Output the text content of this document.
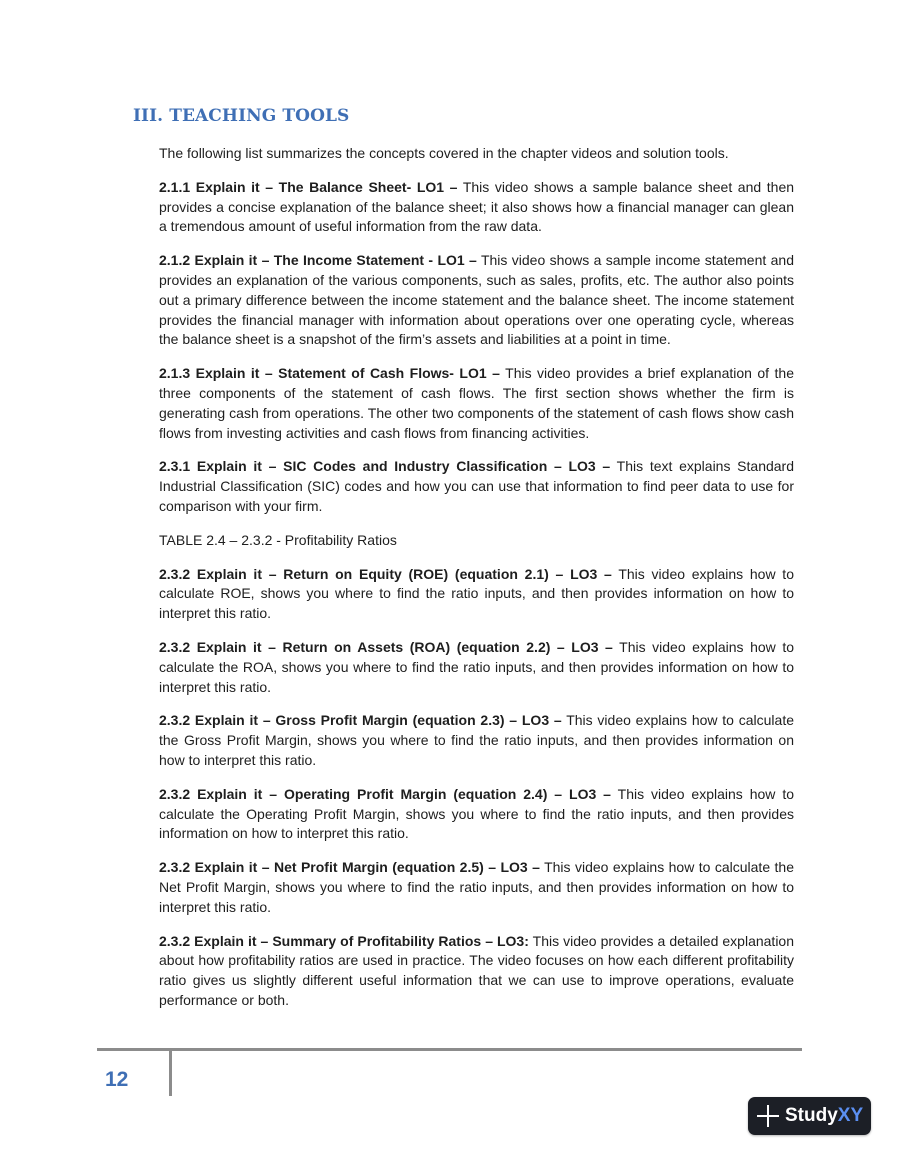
III. TEACHING TOOLS

The following list summarizes the concepts covered in the chapter videos and solution tools.

2.1.1 Explain it – The Balance Sheet- LO1 – This video shows a sample balance sheet and then provides a concise explanation of the balance sheet; it also shows how a financial manager can glean a tremendous amount of useful information from the raw data.

2.1.2 Explain it – The Income Statement - LO1 – This video shows a sample income statement and provides an explanation of the various components, such as sales, profits, etc. The author also points out a primary difference between the income statement and the balance sheet. The income statement provides the financial manager with information about operations over one operating cycle, whereas the balance sheet is a snapshot of the firm’s assets and liabilities at a point in time.

2.1.3 Explain it – Statement of Cash Flows- LO1 – This video provides a brief explanation of the three components of the statement of cash flows. The first section shows whether the firm is generating cash from operations. The other two components of the statement of cash flows show cash flows from investing activities and cash flows from financing activities.

2.3.1 Explain it – SIC Codes and Industry Classification – LO3 – This text explains Standard Industrial Classification (SIC) codes and how you can use that information to find peer data to use for comparison with your firm.

TABLE 2.4 – 2.3.2 - Profitability Ratios

2.3.2 Explain it – Return on Equity (ROE) (equation 2.1) – LO3 – This video explains how to calculate ROE, shows you where to find the ratio inputs, and then provides information on how to interpret this ratio.

2.3.2 Explain it – Return on Assets (ROA) (equation 2.2) – LO3 – This video explains how to calculate the ROA, shows you where to find the ratio inputs, and then provides information on how to interpret this ratio.

2.3.2 Explain it – Gross Profit Margin (equation 2.3) – LO3 – This video explains how to calculate the Gross Profit Margin, shows you where to find the ratio inputs, and then provides information on how to interpret this ratio.

2.3.2 Explain it – Operating Profit Margin (equation 2.4) – LO3 – This video explains how to calculate the Operating Profit Margin, shows you where to find the ratio inputs, and then provides information on how to interpret this ratio.

2.3.2 Explain it – Net Profit Margin (equation 2.5) – LO3 – This video explains how to calculate the Net Profit Margin, shows you where to find the ratio inputs, and then provides information on how to interpret this ratio.

2.3.2 Explain it – Summary of Profitability Ratios – LO3: This video provides a detailed explanation about how profitability ratios are used in practice. The video focuses on how each different profitability ratio gives us slightly different useful information that we can use to improve operations, evaluate performance or both.

12
StudyXY
